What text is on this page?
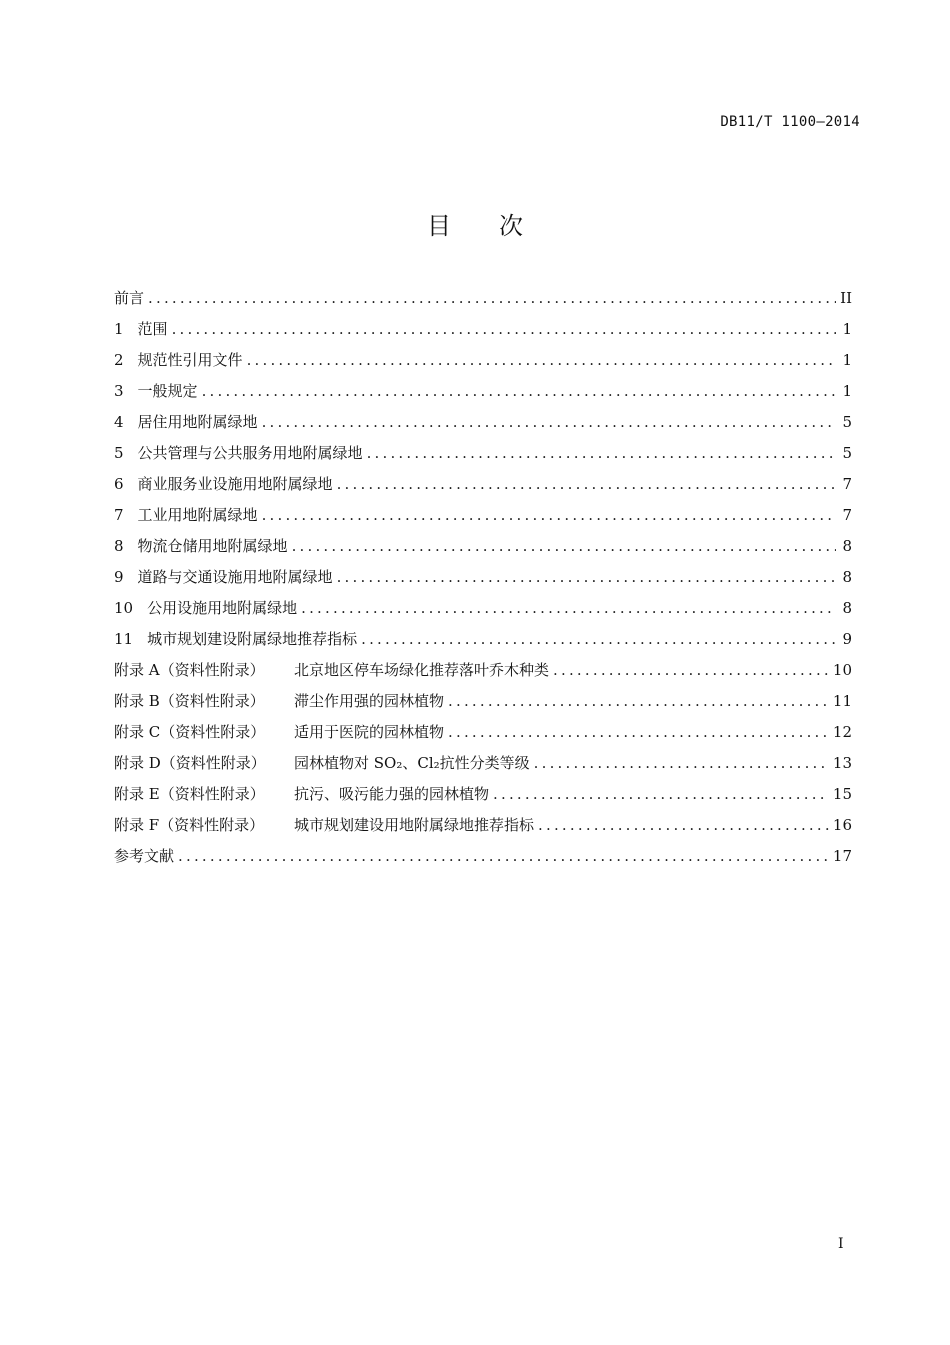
DB11/T 1100—2014
目次
前言 .....	II
1 范围 .....	1
2 规范性引用文件 .....	1
3 一般规定 .....	1
4 居住用地附属绿地 .....	5
5 公共管理与公共服务用地附属绿地 .....	5
6 商业服务业设施用地附属绿地 .....	7
7 工业用地附属绿地 .....	7
8 物流仓储用地附属绿地 .....	8
9 道路与交通设施用地附属绿地 .....	8
10 公用设施用地附属绿地 .....	8
11 城市规划建设附属绿地推荐指标 .....	9
附录 A（资料性附录）	北京地区停车场绿化推荐落叶乔木种类 .....	10
附录 B（资料性附录）	滞尘作用强的园林植物 .....	11
附录 C（资料性附录）	适用于医院的园林植物 .....	12
附录 D（资料性附录）	园林植物对 SO₂、Cl₂抗性分类等级 .....	13
附录 E（资料性附录）	抗污、吸污能力强的园林植物 .....	15
附录 F（资料性附录）	城市规划建设用地附属绿地推荐指标 .....	16
参考文献 .....	17
I
